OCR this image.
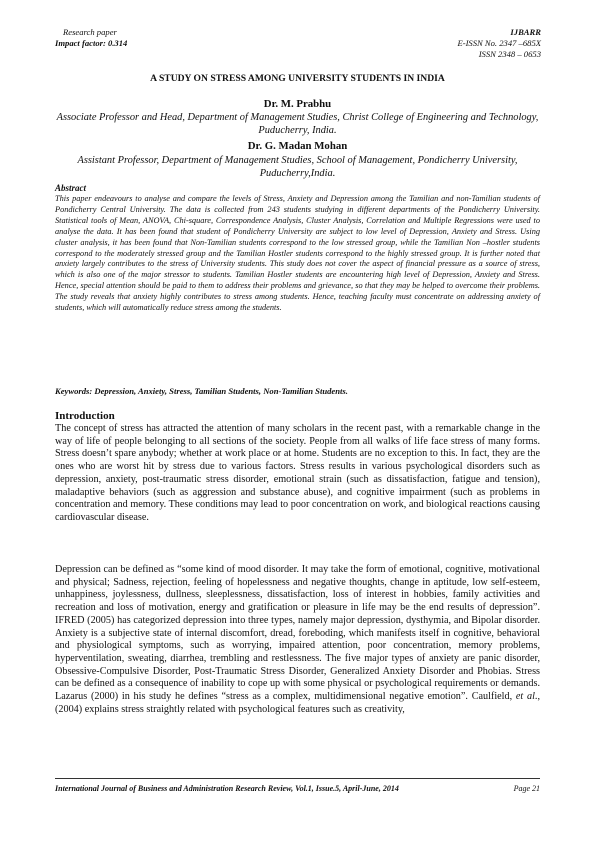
Research paper
Impact factor: 0.314
IJBARR
E-ISSN No. 2347 –685X
ISSN 2348 – 0653
A STUDY ON STRESS AMONG UNIVERSITY STUDENTS IN INDIA
Dr. M. Prabhu
Associate Professor and Head, Department of Management Studies, Christ College of Engineering and Technology, Puducherry, India.
Dr. G. Madan Mohan
Assistant Professor, Department of Management Studies, School of Management, Pondicherry University, Puducherry,India.
Abstract

This paper endeavours to analyse and compare the levels of Stress, Anxiety and Depression among the Tamilian and non-Tamilian students of Pondicherry Central University. The data is collected from 243 students studying in different departments of the Pondicherry University. Statistical tools of Mean, ANOVA, Chi-square, Correspondence Analysis, Cluster Analysis, Correlation and Multiple Regressions were used to analyse the data. It has been found that student of Pondicherry University are subject to low level of Depression, Anxiety and Stress. Using cluster analysis, it has been found that Non-Tamilian students correspond to the low stressed group, while the Tamilian Non –hostler students correspond to the moderately stressed group and the Tamilian Hostler students correspond to the highly stressed group. It is further noted that anxiety largely contributes to the stress of University students. This study does not cover the aspect of financial pressure as a source of stress, which is also one of the major stressor to students. Tamilian Hostler students are encountering high level of Depression, Anxiety and Stress. Hence, special attention should be paid to them to address their problems and grievance, so that they may be helped to overcome their problems. The study reveals that anxiety highly contributes to stress among students. Hence, teaching faculty must concentrate on addressing anxiety of students, which will automatically reduce stress among the students.

Keywords: Depression, Anxiety, Stress, Tamilian Students, Non-Tamilian Students.
Introduction

The concept of stress has attracted the attention of many scholars in the recent past, with a remarkable change in the way of life of people belonging to all sections of the society. People from all walks of life face stress of many forms. Stress doesn’t spare anybody; whether at work place or at home. Students are no exception to this. In fact, they are the ones who are worst hit by stress due to various factors. Stress results in various psychological disorders such as depression, anxiety, post-traumatic stress disorder, emotional strain (such as dissatisfaction, fatigue and tension), maladaptive behaviors (such as aggression and substance abuse), and cognitive impairment (such as problems in concentration and memory. These conditions may lead to poor concentration on work, and biological reactions causing cardiovascular disease.

Depression can be defined as “some kind of mood disorder. It may take the form of emotional, cognitive, motivational and physical; Sadness, rejection, feeling of hopelessness and negative thoughts, change in aptitude, low self-esteem, unhappiness, joylessness, dullness, sleeplessness, dissatisfaction, loss of interest in hobbies, family activities and recreation and loss of motivation, energy and gratification or pleasure in life may be the end results of depression”. IFRED (2005) has categorized depression into three types, namely major depression, dysthymia, and Bipolar disorder. Anxiety is a subjective state of internal discomfort, dread, foreboding, which manifests itself in cognitive, behavioral and physiological symptoms, such as worrying, impaired attention, poor concentration, memory problems, hyperventilation, sweating, diarrhea, trembling and restlessness. The five major types of anxiety are panic disorder, Obsessive-Compulsive Disorder, Post-Traumatic Stress Disorder, Generalized Anxiety Disorder and Phobias. Stress can be defined as a consequence of inability to cope up with some physical or psychological requirements or demands. Lazarus (2000) in his study he defines “stress as a complex, multidimensional negative emotion”. Caulfield, et al., (2004) explains stress straightly related with psychological features such as creativity,

International Journal of Business and Administration Research Review, Vol.1, Issue.5, April-June, 2014	Page 21
